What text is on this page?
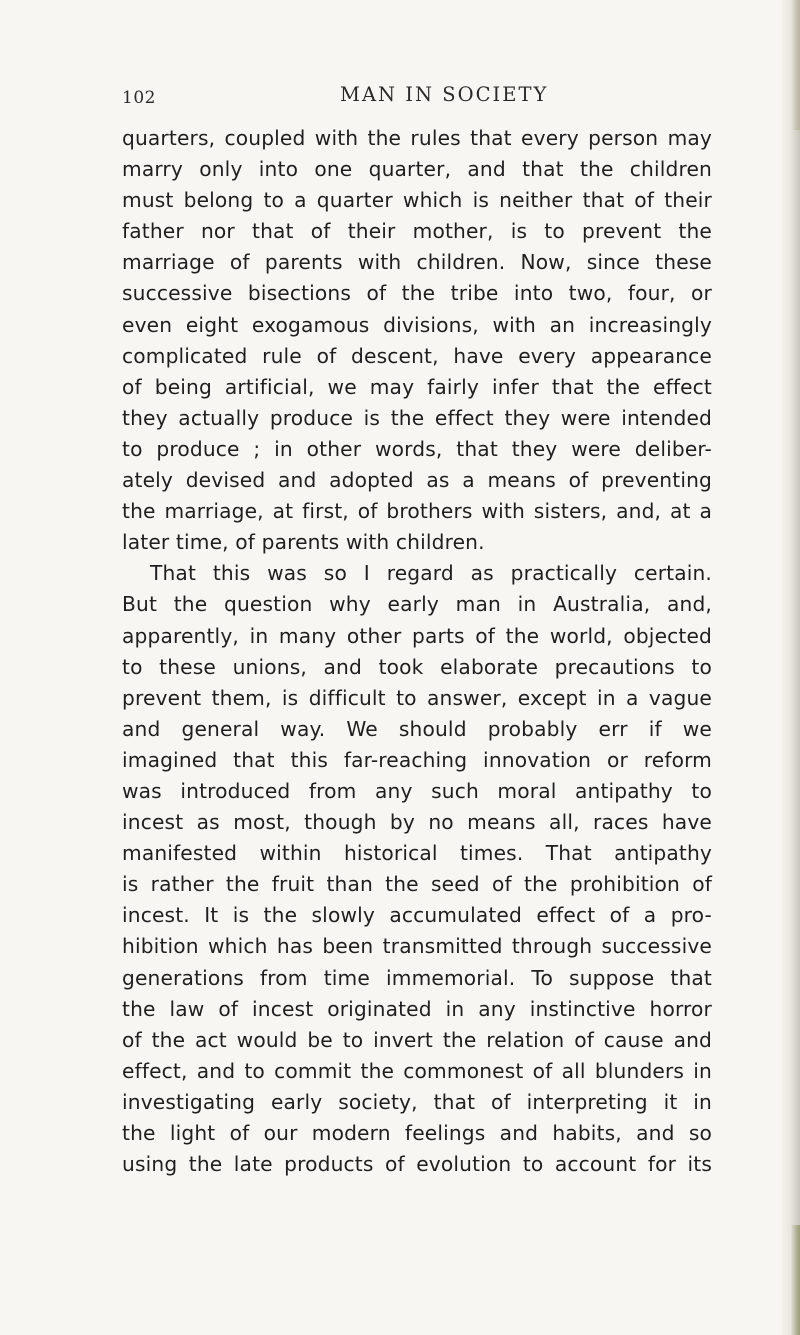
102	MAN IN SOCIETY
quarters, coupled with the rules that every person may
marry only into one quarter, and that the children
must belong to a quarter which is neither that of their
father nor that of their mother, is to prevent the
marriage of parents with children. Now, since these
successive bisections of the tribe into two, four, or
even eight exogamous divisions, with an increasingly
complicated rule of descent, have every appearance
of being artificial, we may fairly infer that the effect
they actually produce is the effect they were intended
to produce ; in other words, that they were deliber-
ately devised and adopted as a means of preventing
the marriage, at first, of brothers with sisters, and, at a
later time, of parents with children.
That this was so I regard as practically certain.
But the question why early man in Australia, and,
apparently, in many other parts of the world, objected
to these unions, and took elaborate precautions to
prevent them, is difficult to answer, except in a vague
and general way. We should probably err if we
imagined that this far-reaching innovation or reform
was introduced from any such moral antipathy to
incest as most, though by no means all, races have
manifested within historical times. That antipathy
is rather the fruit than the seed of the prohibition of
incest. It is the slowly accumulated effect of a pro-
hibition which has been transmitted through successive
generations from time immemorial. To suppose that
the law of incest originated in any instinctive horror
of the act would be to invert the relation of cause and
effect, and to commit the commonest of all blunders in
investigating early society, that of interpreting it in
the light of our modern feelings and habits, and so
using the late products of evolution to account for its
